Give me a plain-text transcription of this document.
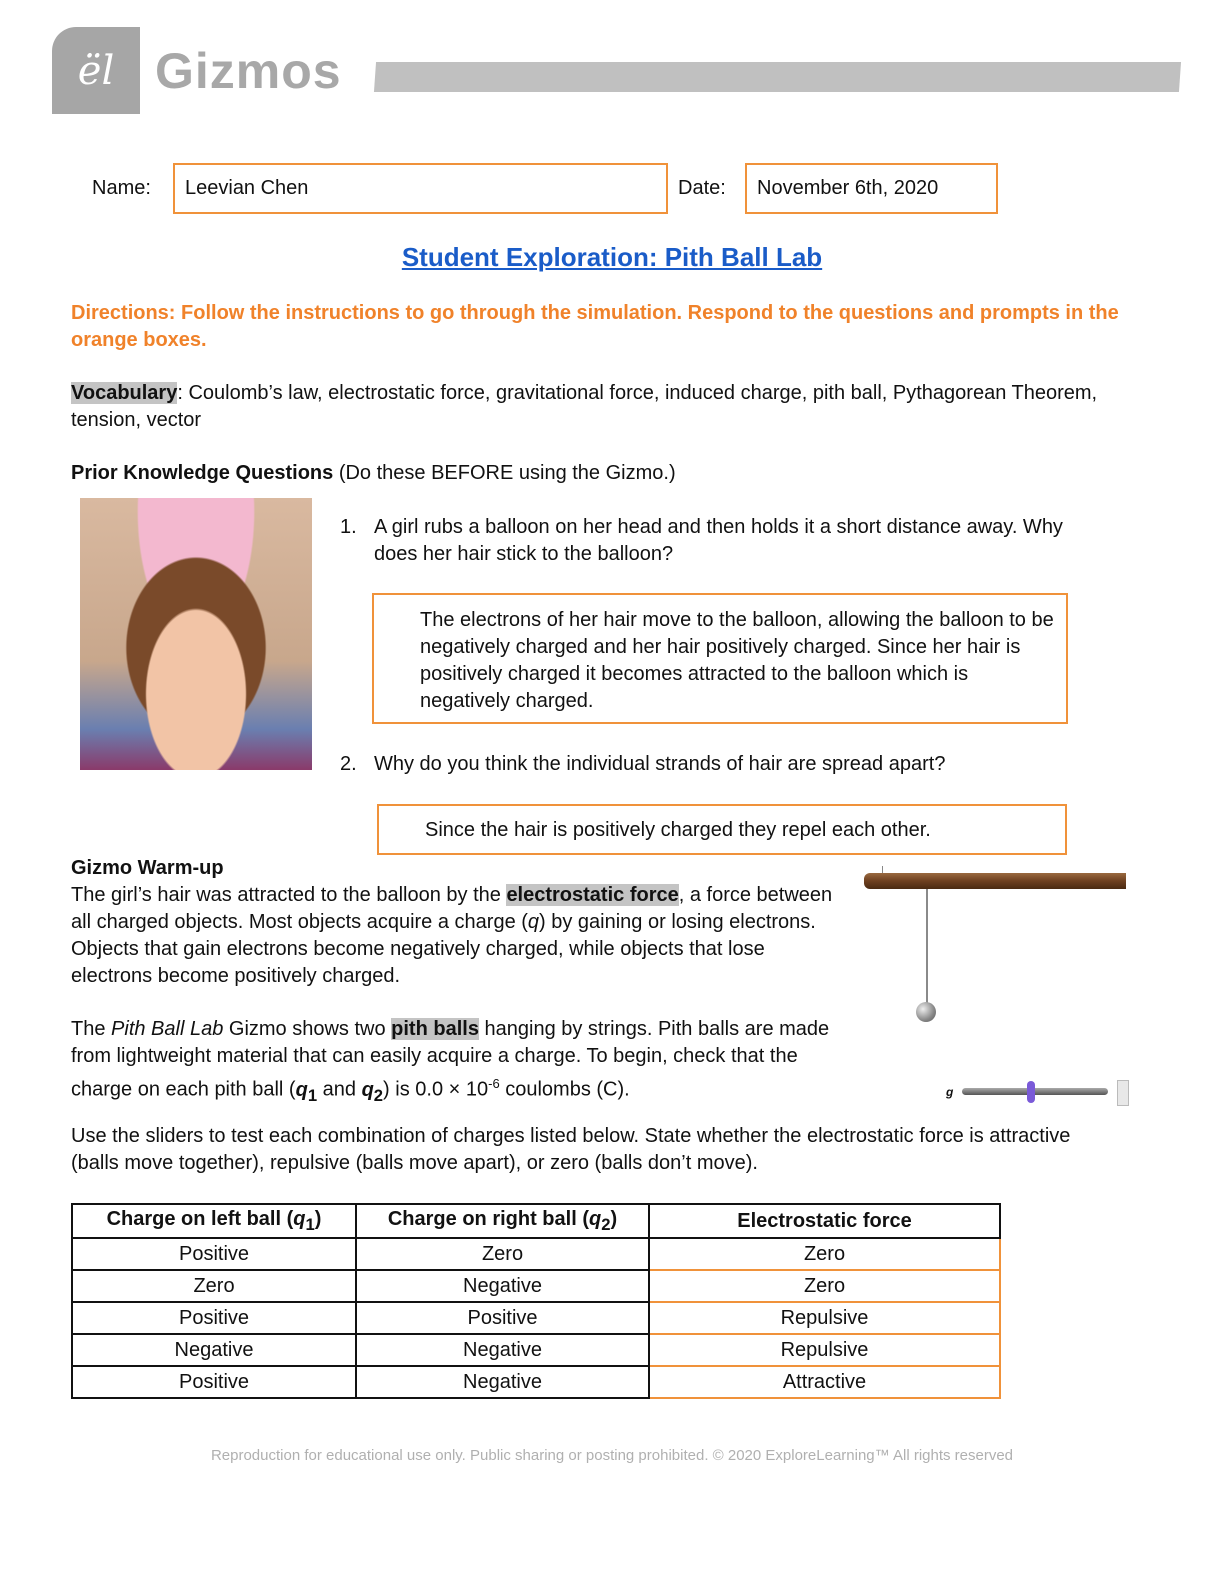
ël Gizmos
Name:	Leevian Chen	Date:	November 6th, 2020
Student Exploration: Pith Ball Lab
Directions: Follow the instructions to go through the simulation. Respond to the questions and prompts in the orange boxes.
Vocabulary: Coulomb’s law, electrostatic force, gravitational force, induced charge, pith ball, Pythagorean Theorem, tension, vector
Prior Knowledge Questions (Do these BEFORE using the Gizmo.)
1. A girl rubs a balloon on her head and then holds it a short distance away. Why does her hair stick to the balloon?
The electrons of her hair move to the balloon, allowing the balloon to be negatively charged and her hair positively charged. Since her hair is positively charged it becomes attracted to the balloon which is negatively charged.
2. Why do you think the individual strands of hair are spread apart?
Since the hair is positively charged they repel each other.
Gizmo Warm-up
The girl’s hair was attracted to the balloon by the electrostatic force, a force between all charged objects. Most objects acquire a charge (q) by gaining or losing electrons. Objects that gain electrons become negatively charged, while objects that lose electrons become positively charged.
The Pith Ball Lab Gizmo shows two pith balls hanging by strings. Pith balls are made from lightweight material that can easily acquire a charge. To begin, check that the charge on each pith ball ($q_1$ and $q_2$) is $0.0 \times 10^{-6}$ coulombs (C).
Use the sliders to test each combination of charges listed below. State whether the electrostatic force is attractive (balls move together), repulsive (balls move apart), or zero (balls don’t move).
g
Charge on left ball $(q_1)$	Charge on right ball $(q_2)$	Electrostatic force
Positive	Zero	Zero
Zero	Negative	Zero
Positive	Positive	Repulsive
Negative	Negative	Repulsive
Positive	Negative	Attractive
Reproduction for educational use only. Public sharing or posting prohibited. © 2020 ExploreLearning™ All rights reserved
